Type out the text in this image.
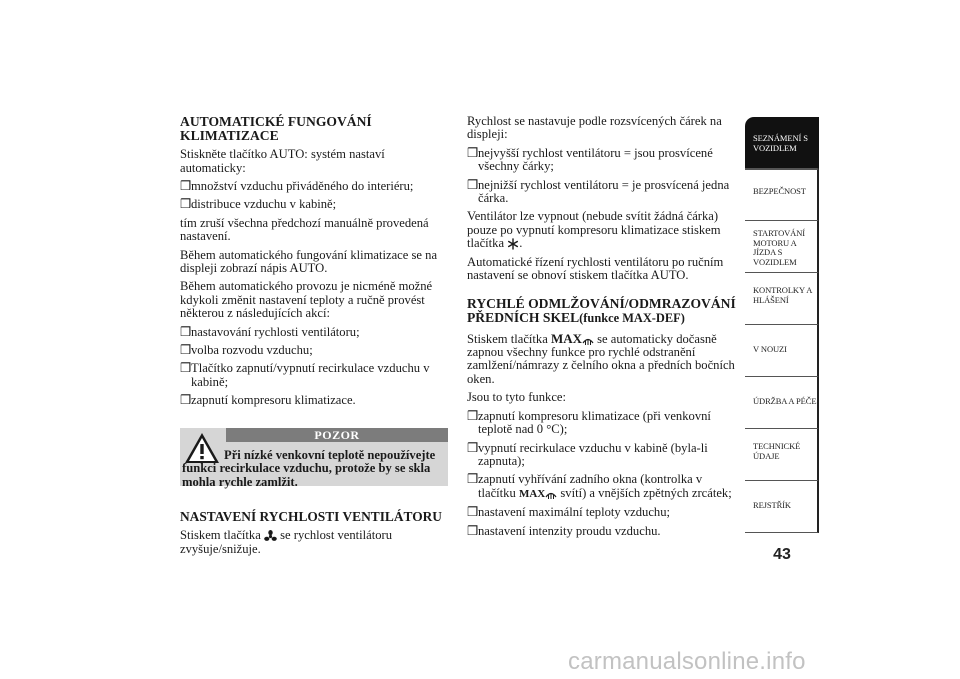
AUTOMATICKÉ FUNGOVÁNÍ KLIMATIZACE
Stiskněte tlačítko AUTO: systém nastaví automaticky:
❒množství vzduchu přiváděného do interiéru;
❒distribuce vzduchu v kabině;
tím zruší všechna předchozí manuálně provedená nastavení.
Během automatického fungování klimatizace se na displeji zobrazí nápis AUTO.
Během automatického provozu je nicméně možné kdykoli změnit nastavení teploty a ručně provést některou z následujících akcí:
❒nastavování rychlosti ventilátoru;
❒volba rozvodu vzduchu;
❒Tlačítko zapnutí/vypnutí recirkulace vzduchu v kabině;
❒zapnutí kompresoru klimatizace.
POZOR
Při nízké venkovní teplotě nepoužívejte funkci recirkulace vzduchu, protože by se skla mohla rychle zamlžit.
NASTAVENÍ RYCHLOSTI VENTILÁTORU
Stiskem tlačítka se rychlost ventilátoru zvyšuje/snižuje.
Rychlost se nastavuje podle rozsvícených čárek na displeji:
❒nejvyšší rychlost ventilátoru = jsou prosvícené všechny čárky;
❒nejnižší rychlost ventilátoru = je prosvícená jedna čárka.
Ventilátor lze vypnout (nebude svítit žádná čárka) pouze po vypnutí kompresoru klimatizace stiskem tlačítka .
Automatické řízení rychlosti ventilátoru po ručním nastavení se obnoví stiskem tlačítka AUTO.
RYCHLÉ ODMLŽOVÁNÍ/ODMRAZOVÁNÍ PŘEDNÍCH SKEL(funkce MAX-DEF)
Stiskem tlačítka MAX se automaticky dočasně zapnou všechny funkce pro rychlé odstranění zamlžení/námrazy z čelního okna a předních bočních oken.
Jsou to tyto funkce:
❒zapnutí kompresoru klimatizace (při venkovní teplotě nad 0 °C);
❒vypnutí recirkulace vzduchu v kabině (byla-li zapnuta);
❒zapnutí vyhřívání zadního okna (kontrolka v tlačítku MAX svítí) a vnějších zpětných zrcátek;
❒nastavení maximální teploty vzduchu;
❒nastavení intenzity proudu vzduchu.
SEZNÁMENÍ S VOZIDLEM
BEZPEČNOST
STARTOVÁNÍ MOTORU A JÍZDA S VOZIDLEM
KONTROLKY A HLÁŠENÍ
V NOUZI
ÚDRŽBA A PÉČE
TECHNICKÉ ÚDAJE
REJSTŘÍK
43
carmanualsonline.info
